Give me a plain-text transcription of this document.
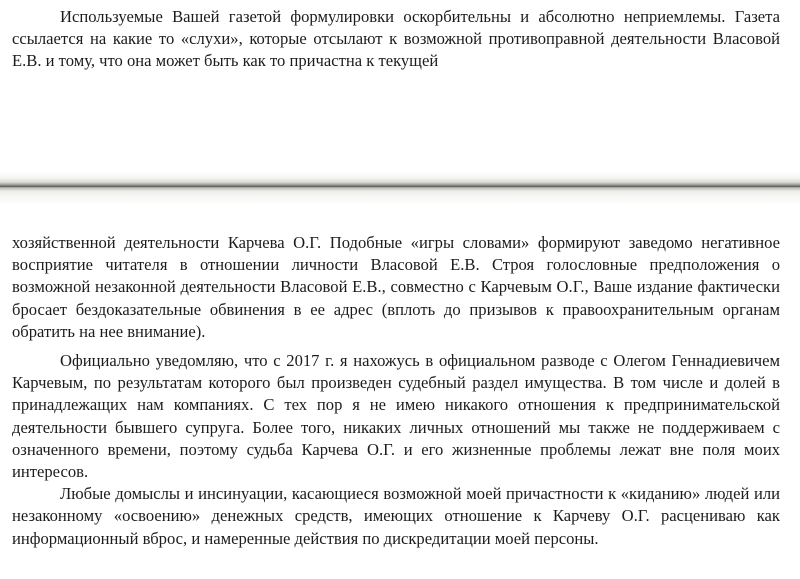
Используемые Вашей газетой формулировки оскорбительны и абсолютно неприемлемы. Газета ссылается на какие то «слухи», которые отсылают к возможной противоправной деятельности Власовой Е.В. и тому, что она может быть как то причастна к текущей

хозяйственной деятельности Карчева О.Г. Подобные «игры словами» формируют заведомо негативное восприятие читателя в отношении личности Власовой Е.В. Строя голословные предположения о возможной незаконной деятельности Власовой Е.В., совместно с Карчевым О.Г., Ваше издание фактически бросает бездоказательные обвинения в ее адрес (вплоть до призывов к правоохранительным органам обратить на нее внимание).

Официально уведомляю, что с 2017 г. я нахожусь в официальном разводе с Олегом Геннадиевичем Карчевым, по результатам которого был произведен судебный раздел имущества. В том числе и долей в принадлежащих нам компаниях. С тех пор я не имею никакого отношения к предпринимательской деятельности бывшего супруга. Более того, никаких личных отношений мы также не поддерживаем с означенного времени, поэтому судьба Карчева О.Г. и его жизненные проблемы лежат вне поля моих интересов.

Любые домыслы и инсинуации, касающиеся возможной моей причастности к «киданию» людей или незаконному «освоению» денежных средств, имеющих отношение к Карчеву О.Г. расцениваю как информационный вброс, и намеренные действия по дискредитации моей персоны.
